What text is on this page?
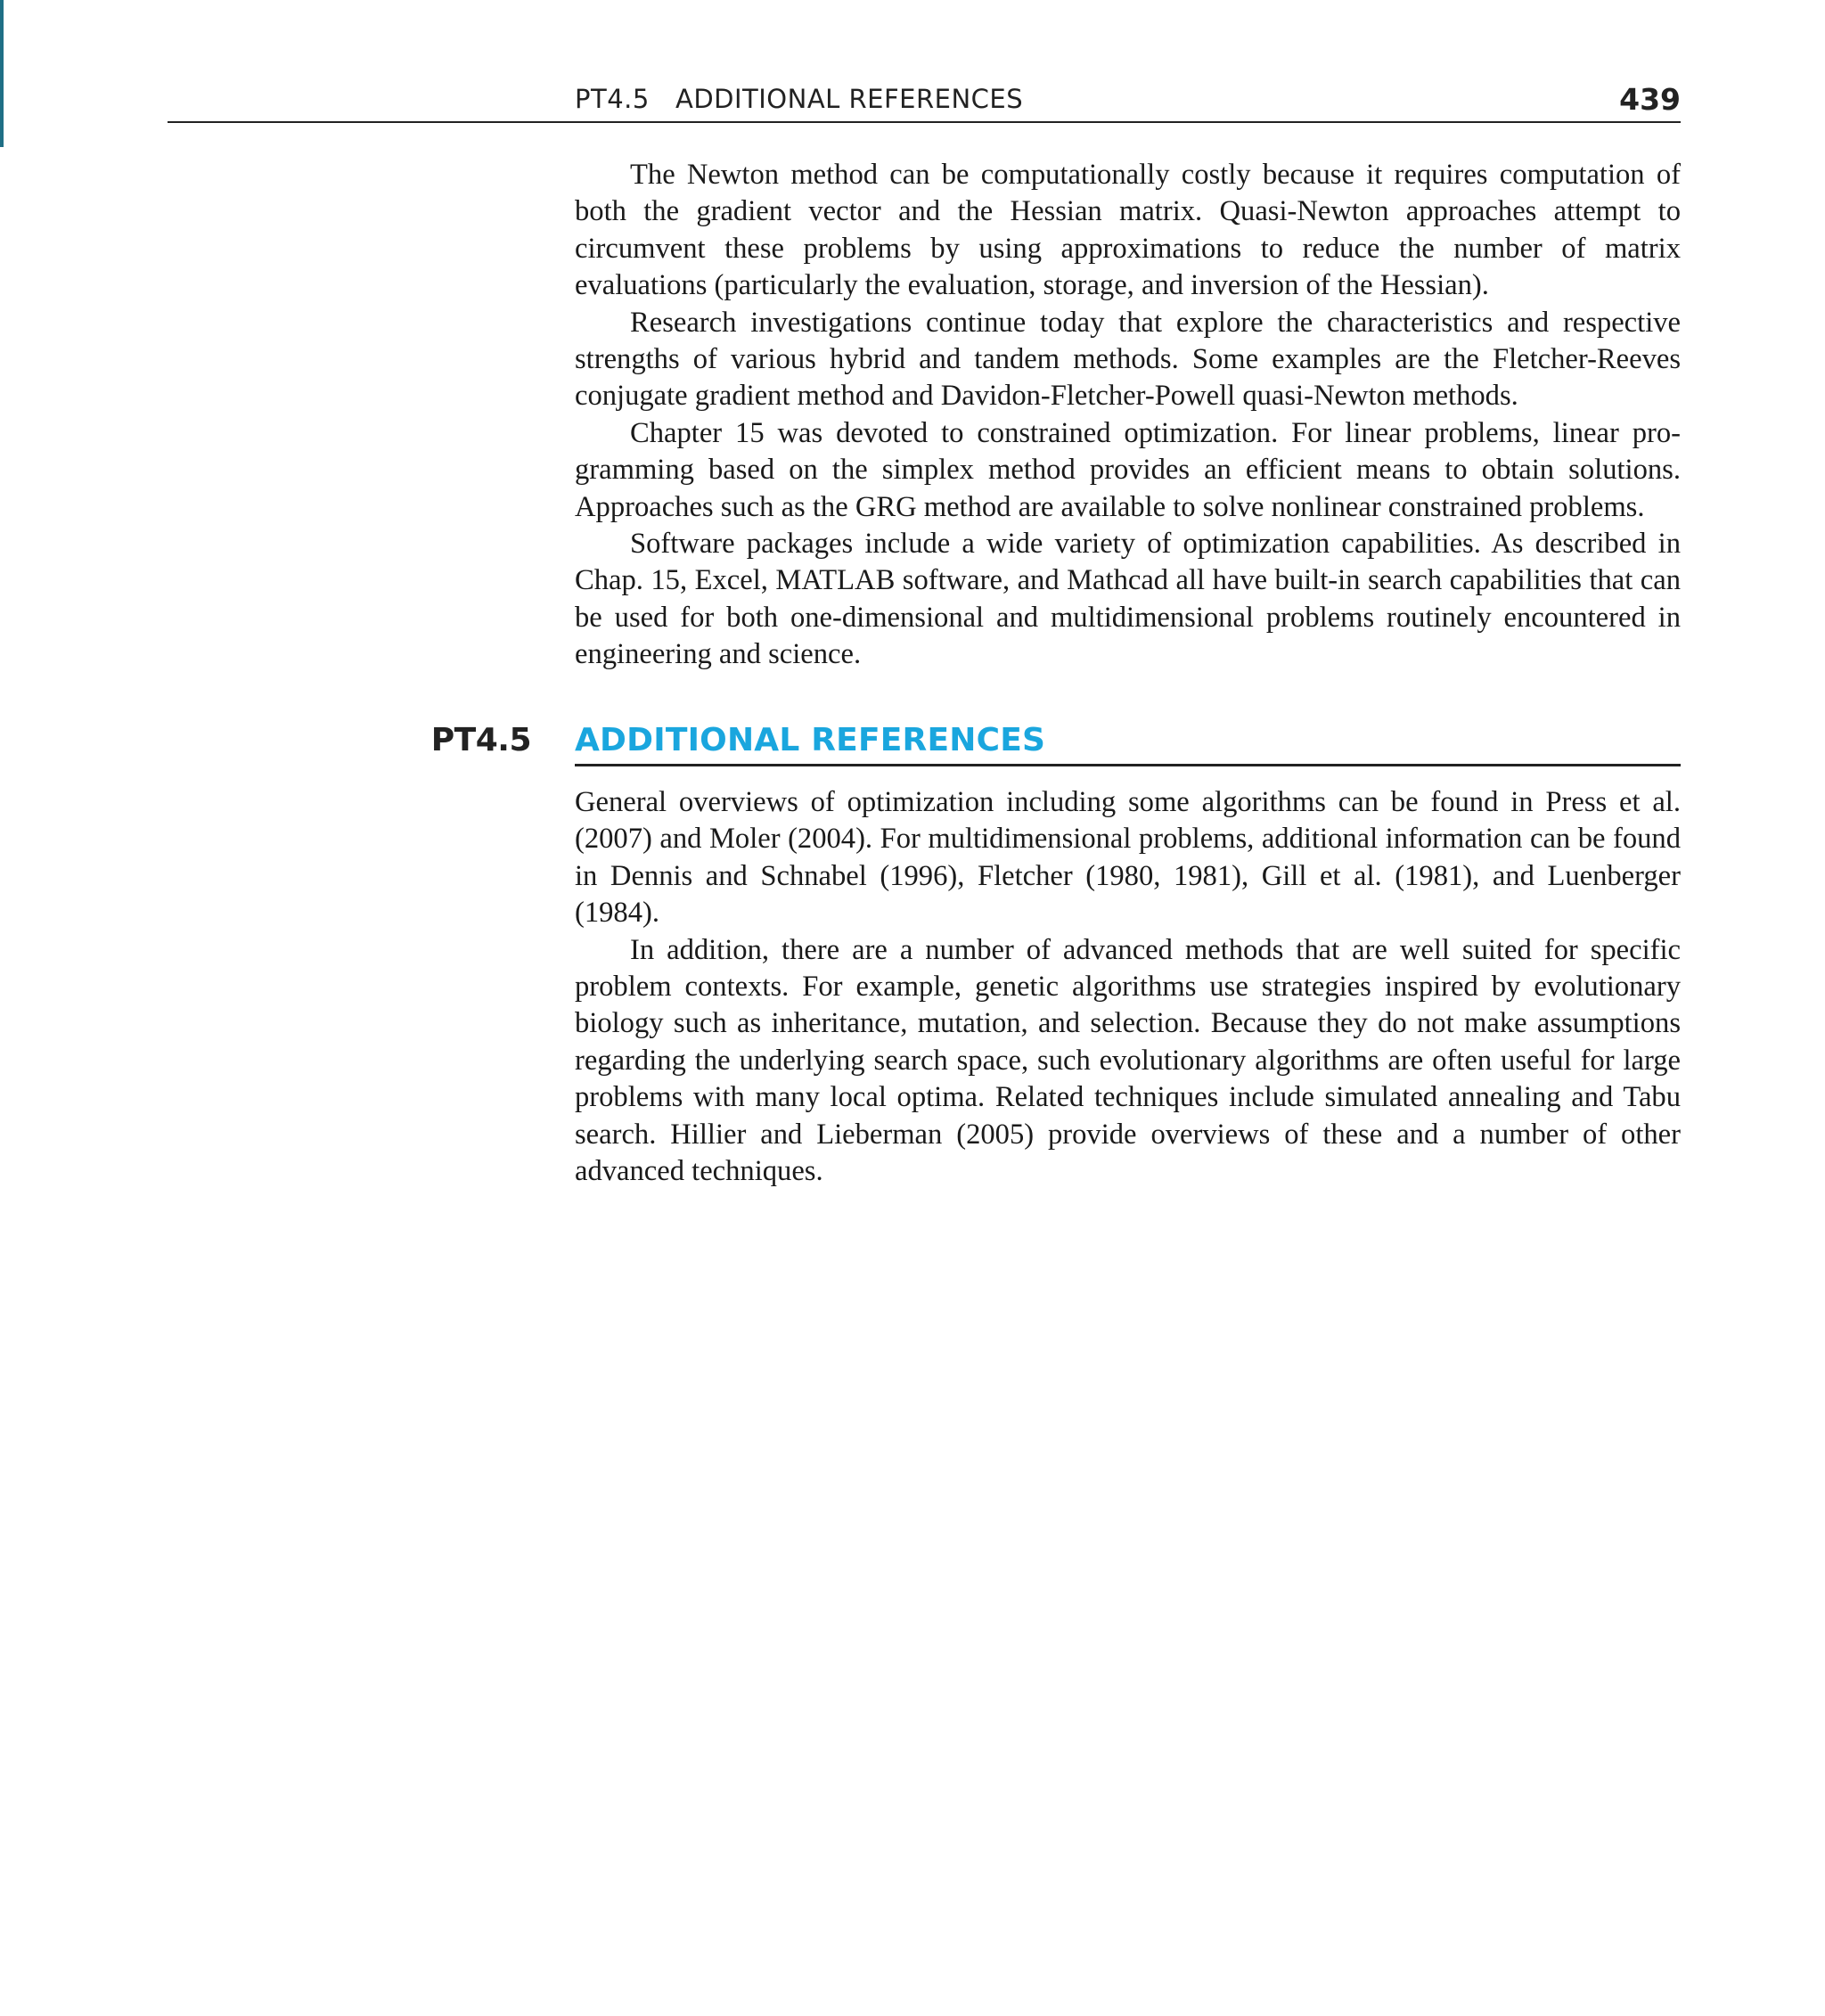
PT4.5   ADDITIONAL REFERENCES	439

The Newton method can be computationally costly because it requires computation of both the gradient vector and the Hessian matrix. Quasi-Newton approaches attempt to circumvent these problems by using approximations to reduce the number of matrix evaluations (particularly the evaluation, storage, and inversion of the Hessian).

Research investigations continue today that explore the characteristics and respective strengths of various hybrid and tandem methods. Some examples are the Fletcher-Reeves conjugate gradient method and Davidon-Fletcher-Powell quasi-Newton methods.

Chapter 15 was devoted to constrained optimization. For linear problems, linear programming based on the simplex method provides an efficient means to obtain solutions. Approaches such as the GRG method are available to solve nonlinear constrained problems.

Software packages include a wide variety of optimization capabilities. As described in Chap. 15, Excel, MATLAB software, and Mathcad all have built-in search capabilities that can be used for both one-dimensional and multidimensional problems routinely encountered in engineering and science.

PT4.5 ADDITIONAL REFERENCES

General overviews of optimization including some algorithms can be found in Press et al. (2007) and Moler (2004). For multidimensional problems, additional information can be found in Dennis and Schnabel (1996), Fletcher (1980, 1981), Gill et al. (1981), and Luenberger (1984).

In addition, there are a number of advanced methods that are well suited for specific problem contexts. For example, genetic algorithms use strategies inspired by evolutionary biology such as inheritance, mutation, and selection. Because they do not make assumptions regarding the underlying search space, such evolutionary algorithms are often useful for large problems with many local optima. Related techniques include simulated annealing and Tabu search. Hillier and Lieberman (2005) provide overviews of these and a number of other advanced techniques.
